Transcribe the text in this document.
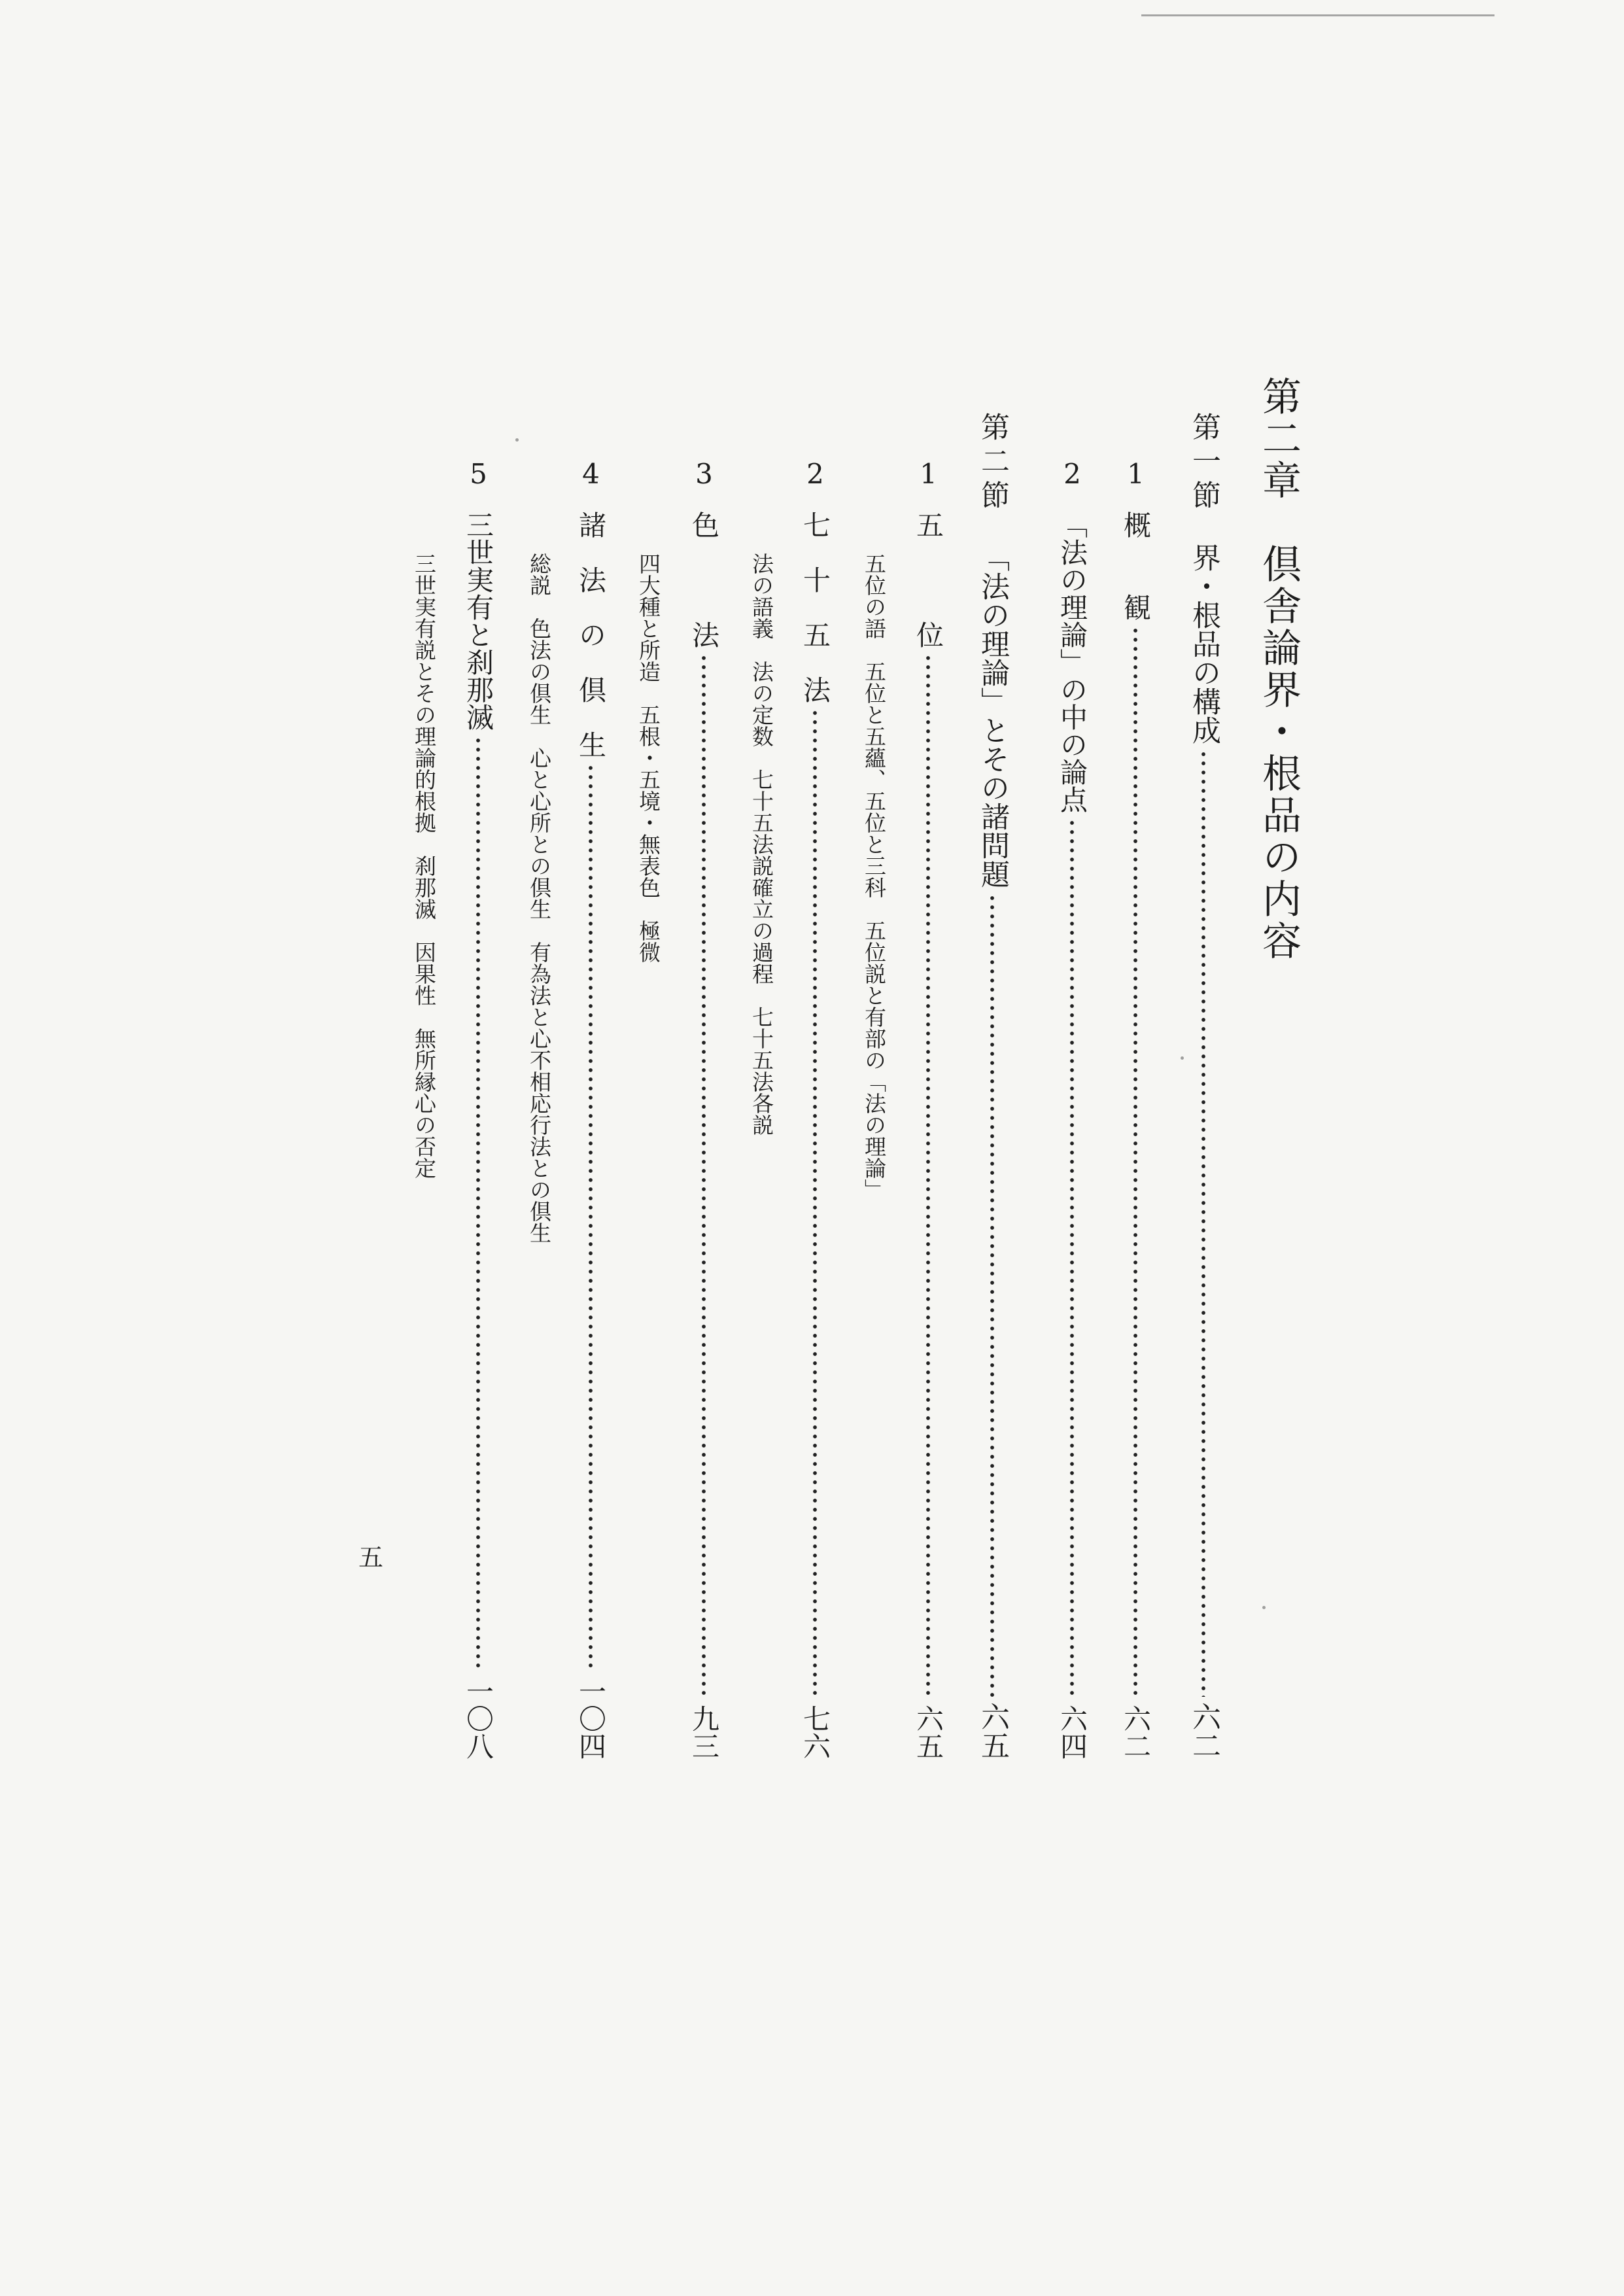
第二章　倶舎論界・根品の内容
第一節
界・根品の構成
六二
1
概　　観
六二
2
「法の理論」の中の論点
六四
第二節
「法の理論」とその諸問題
六五
1
五　　　位
六五
五位の語　五位と五蘊、五位と三科　五位説と有部の「法の理論」
2
七　十　五　法
七六
法の語義　法の定数　七十五法説確立の過程　七十五法各説
3
色　　　法
九三
四大種と所造　五根・五境・無表色　極微
4
諸　法　の　倶　生
一〇四
総説　色法の倶生　心と心所との倶生　有為法と心不相応行法との倶生
5
三世実有と刹那滅
一〇八
三世実有説とその理論的根拠　刹那滅　因果性　無所縁心の否定
五
